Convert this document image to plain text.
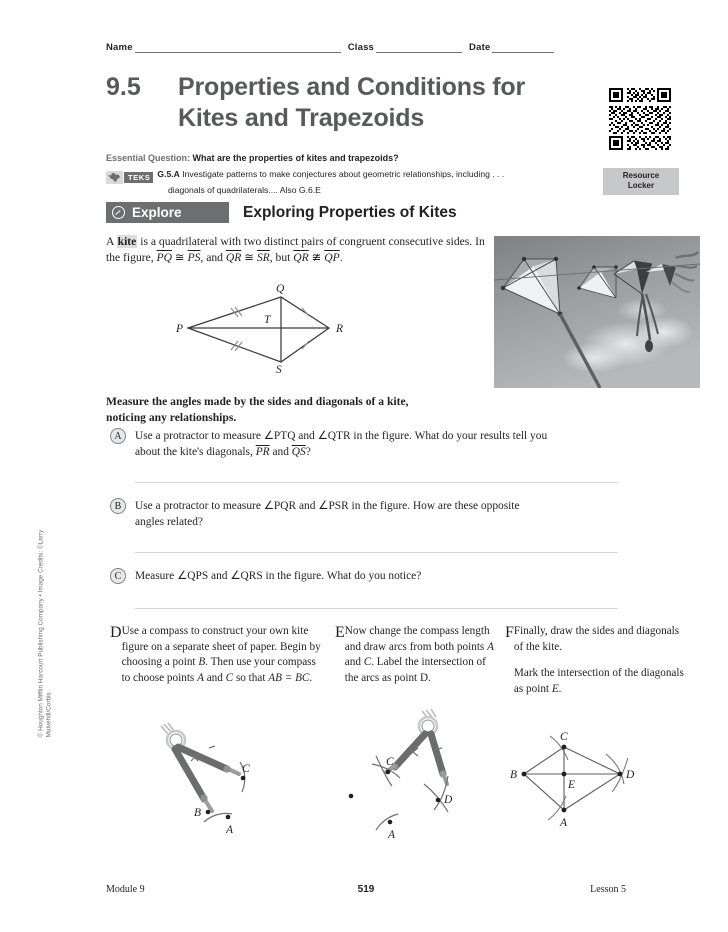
Name	Class	Date
9.5	Properties and Conditions for
Kites and Trapezoids
Resource
Locker
Essential Question: What are the properties of kites and trapezoids?
TEKS G.5.A Investigate patterns to make conjectures about geometric relationships, including . . .
diagonals of quadrilaterals.... Also G.6.E
Explore	Exploring Properties of Kites
A kite is a quadrilateral with two distinct pairs of congruent consecutive sides. In the figure, $\overline{PQ}$ ≅ $\overline{PS}$, and $\overline{QR}$ ≅ $\overline{SR}$, but $\overline{QR}$ ≇ $\overline{QP}$.
P
Q
R
S
T
Measure the angles made by the sides and diagonals of a kite,
noticing any relationships.
A	Use a protractor to measure ∠PTQ and ∠QTR in the figure. What do your results tell you
about the kite's diagonals, $\overline{PR}$ and $\overline{QS}$?
B	Use a protractor to measure ∠PQR and ∠PSR in the figure. How are these opposite
angles related?
C	Measure ∠QPS and ∠QRS in the figure. What do you notice?
D Use a compass to construct your own kite figure on a separate sheet of paper. Begin by choosing a point B. Then use your compass to choose points A and C so that AB = BC.

E Now change the compass length and draw arcs from both points A and C. Label the intersection of the arcs as point D.

F Finally, draw the sides and diagonals of the kite.

Mark the intersection of the diagonals as point E.

C
B
A
C
D
A
B
C
D
A
E
© Houghton Mifflin Harcourt Publishing Company • Image Credits: ©Larry Mulvehill/Corbis
Module 9	519	Lesson 5
